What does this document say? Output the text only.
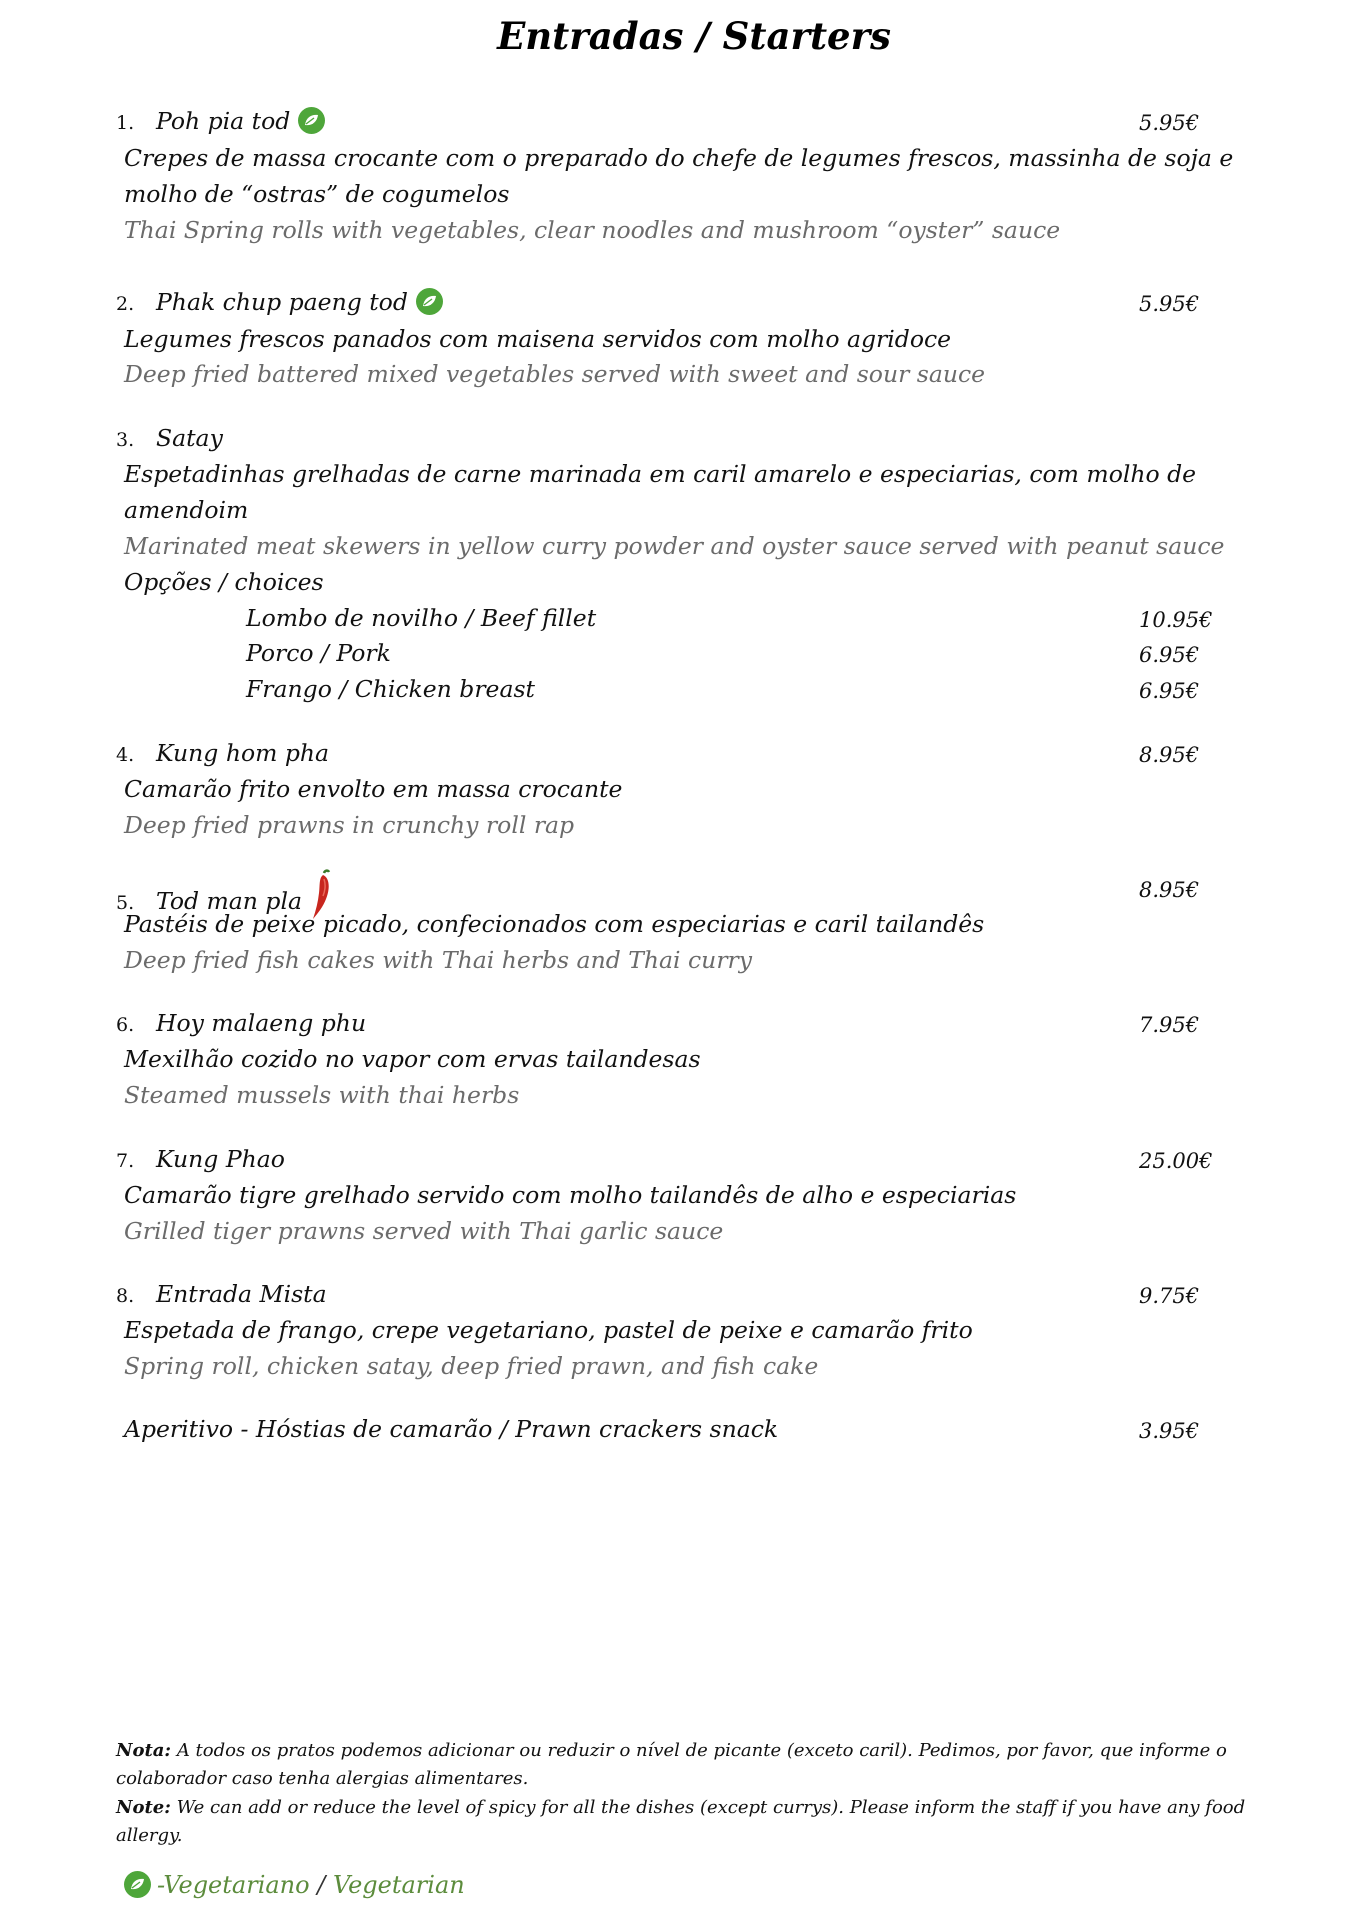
Entradas / Starters
1. Poh pia tod	5.95€
Crepes de massa crocante com o preparado do chefe de legumes frescos, massinha de soja e
molho de “ostras” de cogumelos
Thai Spring rolls with vegetables, clear noodles and mushroom “oyster” sauce
2. Phak chup paeng tod	5.95€
Legumes frescos panados com maisena servidos com molho agridoce
Deep fried battered mixed vegetables served with sweet and sour sauce
3. Satay
Espetadinhas grelhadas de carne marinada em caril amarelo e especiarias, com molho de
amendoim
Marinated meat skewers in yellow curry powder and oyster sauce served with peanut sauce
Opções / choices
Lombo de novilho / Beef fillet	10.95€
Porco / Pork	6.95€
Frango / Chicken breast	6.95€
4. Kung hom pha	8.95€
Camarão frito envolto em massa crocante
Deep fried prawns in crunchy roll rap
5. Tod man pla	8.95€
Pastéis de peixe picado, confecionados com especiarias e caril tailandês
Deep fried fish cakes with Thai herbs and Thai curry
6. Hoy malaeng phu	7.95€
Mexilhão cozido no vapor com ervas tailandesas
Steamed mussels with thai herbs
7. Kung Phao	25.00€
Camarão tigre grelhado servido com molho tailandês de alho e especiarias
Grilled tiger prawns served with Thai garlic sauce
8. Entrada Mista	9.75€
Espetada de frango, crepe vegetariano, pastel de peixe e camarão frito
Spring roll, chicken satay, deep fried prawn, and fish cake
Aperitivo - Hóstias de camarão / Prawn crackers snack	3.95€
Nota: A todos os pratos podemos adicionar ou reduzir o nível de picante (exceto caril). Pedimos, por favor, que informe o colaborador caso tenha alergias alimentares.
Note: We can add or reduce the level of spicy for all the dishes (except currys). Please inform the staff if you have any food allergy.
-Vegetariano / Vegetarian
